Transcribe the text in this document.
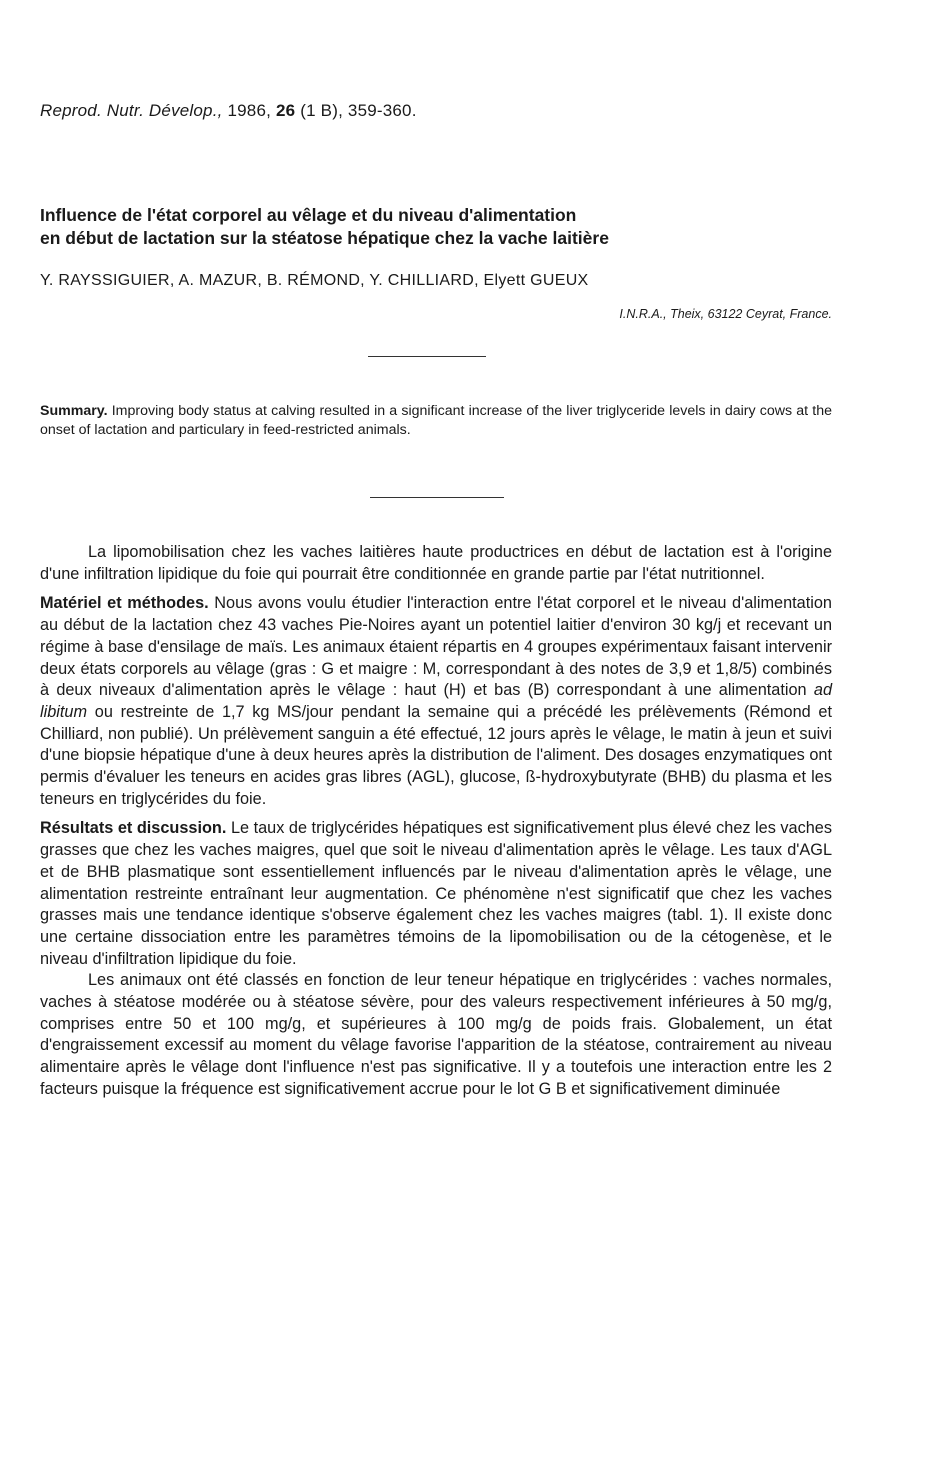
Reprod. Nutr. Dévelop., 1986, 26 (1 B), 359-360.
Influence de l'état corporel au vêlage et du niveau d'alimentation
en début de lactation sur la stéatose hépatique chez la vache laitière
Y. RAYSSIGUIER, A. MAZUR, B. RÉMOND, Y. CHILLIARD, Elyett GUEUX
I.N.R.A., Theix, 63122 Ceyrat, France.
Summary. Improving body status at calving resulted in a significant increase of the liver triglyceride levels in dairy cows at the onset of lactation and particulary in feed-restricted animals.

La lipomobilisation chez les vaches laitières haute productrices en début de lactation est à l'origine d'une infiltration lipidique du foie qui pourrait être conditionnée en grande partie par l'état nutritionnel.

Matériel et méthodes. Nous avons voulu étudier l'interaction entre l'état corporel et le niveau d'alimentation au début de la lactation chez 43 vaches Pie-Noires ayant un potentiel laitier d'environ 30 kg/j et recevant un régime à base d'ensilage de maïs. Les animaux étaient répartis en 4 groupes expérimentaux faisant intervenir deux états corporels au vêlage (gras : G et maigre : M, correspondant à des notes de 3,9 et 1,8/5) combinés à deux niveaux d'alimentation après le vêlage : haut (H) et bas (B) correspondant à une alimentation ad libitum ou restreinte de 1,7 kg MS/jour pendant la semaine qui a précédé les prélèvements (Rémond et Chilliard, non publié). Un prélèvement sanguin a été effectué, 12 jours après le vêlage, le matin à jeun et suivi d'une biopsie hépatique d'une à deux heures après la distribution de l'aliment. Des dosages enzymatiques ont permis d'évaluer les teneurs en acides gras libres (AGL), glucose, ß-hydroxybutyrate (BHB) du plasma et les teneurs en triglycérides du foie.

Résultats et discussion. Le taux de triglycérides hépatiques est significativement plus élevé chez les vaches grasses que chez les vaches maigres, quel que soit le niveau d'alimentation après le vêlage. Les taux d'AGL et de BHB plasmatique sont essentiellement influencés par le niveau d'alimentation après le vêlage, une alimentation restreinte entraînant leur augmentation. Ce phénomène n'est significatif que chez les vaches grasses mais une tendance identique s'observe également chez les vaches maigres (tabl. 1). Il existe donc une certaine dissociation entre les paramètres témoins de la lipomobilisation ou de la cétogenèse, et le niveau d'infiltration lipidique du foie.

Les animaux ont été classés en fonction de leur teneur hépatique en triglycérides : vaches normales, vaches à stéatose modérée ou à stéatose sévère, pour des valeurs respectivement inférieures à 50 mg/g, comprises entre 50 et 100 mg/g, et supérieures à 100 mg/g de poids frais. Globalement, un état d'engraissement excessif au moment du vêlage favorise l'apparition de la stéatose, contrairement au niveau alimentaire après le vêlage dont l'influence n'est pas significative. Il y a toutefois une interaction entre les 2 facteurs puisque la fréquence est significativement accrue pour le lot G B et significativement diminuée
